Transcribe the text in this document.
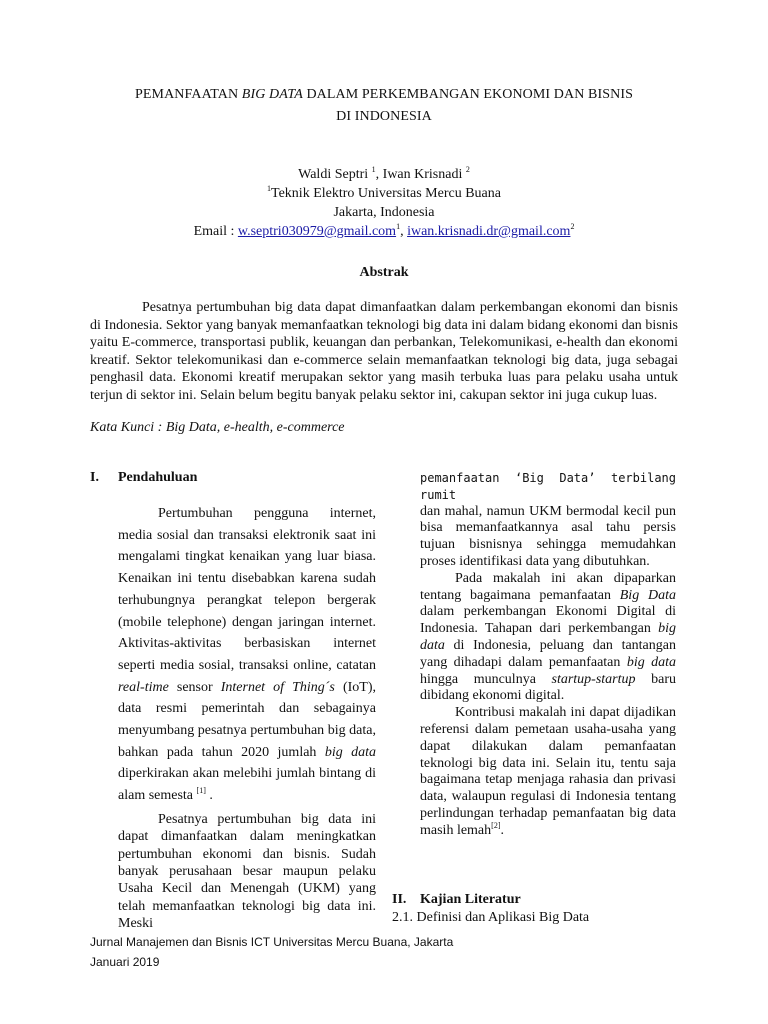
PEMANFAATAN BIG DATA DALAM PERKEMBANGAN EKONOMI DAN BISNIS
DI INDONESIA
Waldi Septri $^1$, Iwan Krisnadi $^2$
$^1$Teknik Elektro Universitas Mercu Buana
Jakarta, Indonesia
Email : w.septri030979@gmail.com$^1$, iwan.krisnadi.dr@gmail.com$^2$
Abstrak

Pesatnya pertumbuhan big data dapat dimanfaatkan dalam perkembangan ekonomi dan bisnis di Indonesia. Sektor yang banyak memanfaatkan teknologi big data ini dalam bidang ekonomi dan bisnis yaitu E-commerce, transportasi publik, keuangan dan perbankan, Telekomunikasi, e-health dan ekonomi kreatif. Sektor telekomunikasi dan e-commerce selain memanfaatkan teknologi big data, juga sebagai penghasil data. Ekonomi kreatif merupakan sektor yang masih terbuka luas para pelaku usaha untuk terjun di sektor ini. Selain belum begitu banyak pelaku sektor ini, cakupan sektor ini juga cukup luas.

Kata Kunci : Big Data, e-health, e-commerce
I. Pendahuluan

Pertumbuhan pengguna internet, media sosial dan transaksi elektronik saat ini mengalami tingkat kenaikan yang luar biasa. Kenaikan ini tentu disebabkan karena sudah terhubungnya perangkat telepon bergerak (mobile telephone) dengan jaringan internet. Aktivitas-aktivitas berbasiskan internet seperti media sosial, transaksi online, catatan real-time sensor Internet of Thing´s (IoT), data resmi pemerintah dan sebagainya menyumbang pesatnya pertumbuhan big data, bahkan pada tahun 2020 jumlah big data diperkirakan akan melebihi jumlah bintang di alam semesta [1] .

Pesatnya pertumbuhan big data ini dapat dimanfaatkan dalam meningkatkan pertumbuhan ekonomi dan bisnis. Sudah banyak perusahaan besar maupun pelaku Usaha Kecil dan Menengah (UKM) yang telah memanfaatkan teknologi big data ini. Meski

pemanfaatan ‘Big Data’ terbilang rumit

dan mahal, namun UKM bermodal kecil pun bisa memanfaatkannya asal tahu persis tujuan bisnisnya sehingga memudahkan proses identifikasi data yang dibutuhkan.

Pada makalah ini akan dipaparkan tentang bagaimana pemanfaatan Big Data dalam perkembangan Ekonomi Digital di Indonesia. Tahapan dari perkembangan big data di Indonesia, peluang dan tantangan yang dihadapi dalam pemanfaatan big data hingga munculnya startup-startup baru dibidang ekonomi digital.

Kontribusi makalah ini dapat dijadikan referensi dalam pemetaan usaha-usaha yang dapat dilakukan dalam pemanfaatan teknologi big data ini. Selain itu, tentu saja bagaimana tetap menjaga rahasia dan privasi data, walaupun regulasi di Indonesia tentang perlindungan terhadap pemanfaatan big data masih lemah[2].

II. Kajian Literatur
2.1. Definisi dan Aplikasi Big Data
Jurnal Manajemen dan Bisnis ICT Universitas Mercu Buana, Jakarta
Januari 2019
